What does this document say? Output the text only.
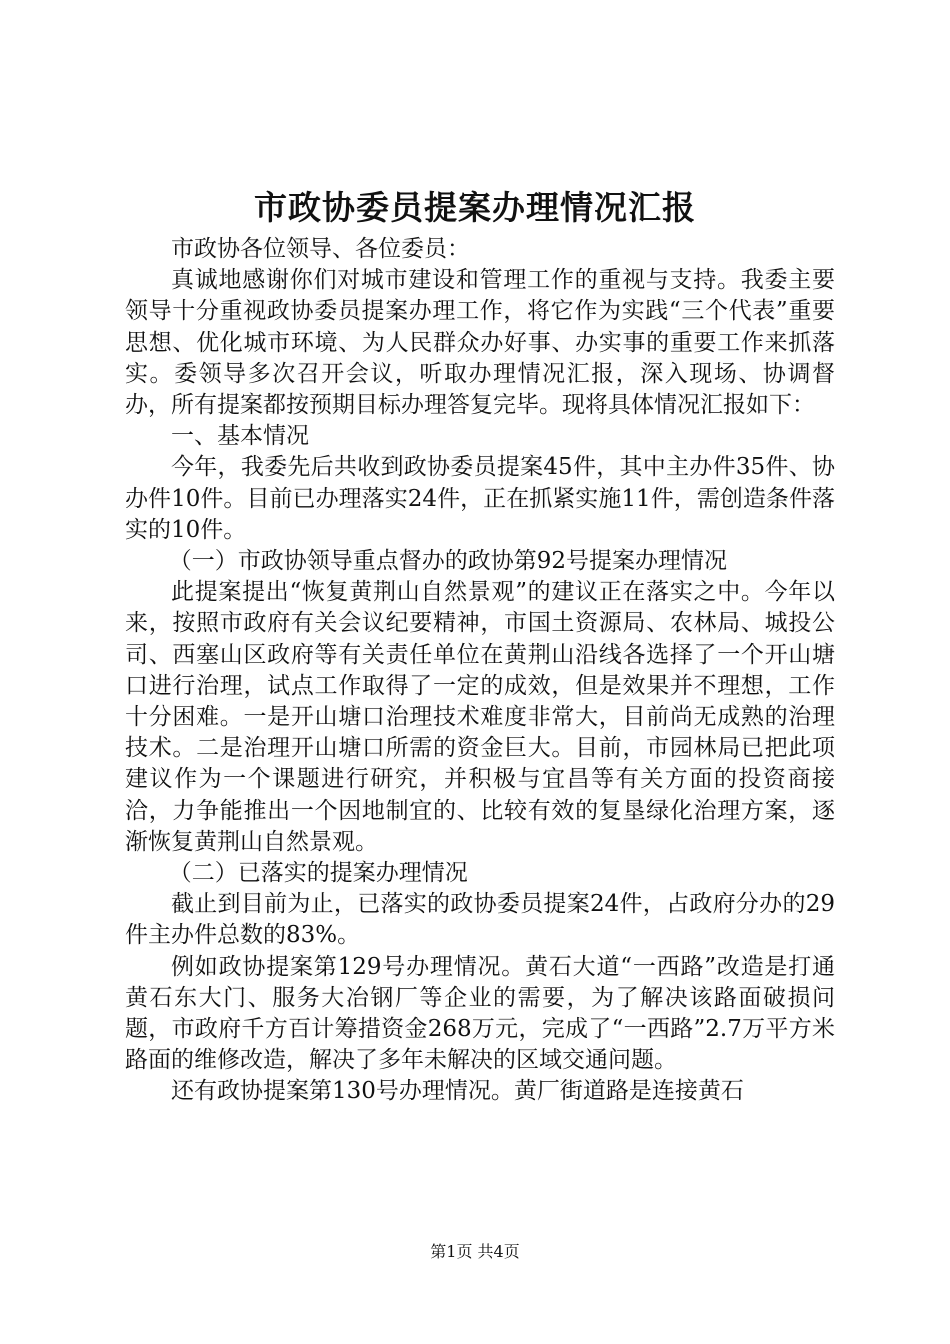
市政协委员提案办理情况汇报

市政协各位领导、各位委员：

真诚地感谢你们对城市建设和管理工作的重视与支持。我委主要领导十分重视政协委员提案办理工作，将它作为实践“三个代表”重要思想、优化城市环境、为人民群众办好事、办实事的重要工作来抓落实。委领导多次召开会议，听取办理情况汇报，深入现场、协调督办，所有提案都按预期目标办理答复完毕。现将具体情况汇报如下：

一、基本情况

今年，我委先后共收到政协委员提案45件，其中主办件35件、协办件10件。目前已办理落实24件，正在抓紧实施11件，需创造条件落实的10件。

（一）市政协领导重点督办的政协第92号提案办理情况

此提案提出“恢复黄荆山自然景观”的建议正在落实之中。今年以来，按照市政府有关会议纪要精神，市国土资源局、农林局、城投公司、西塞山区政府等有关责任单位在黄荆山沿线各选择了一个开山塘口进行治理，试点工作取得了一定的成效，但是效果并不理想，工作十分困难。一是开山塘口治理技术难度非常大，目前尚无成熟的治理技术。二是治理开山塘口所需的资金巨大。目前，市园林局已把此项建议作为一个课题进行研究，并积极与宜昌等有关方面的投资商接洽，力争能推出一个因地制宜的、比较有效的复垦绿化治理方案，逐渐恢复黄荆山自然景观。

（二）已落实的提案办理情况

截止到目前为止，已落实的政协委员提案24件，占政府分办的29件主办件总数的83%。

例如政协提案第129号办理情况。黄石大道“一西路”改造是打通黄石东大门、服务大冶钢厂等企业的需要，为了解决该路面破损问题，市政府千方百计筹措资金268万元，完成了“一西路”2.7万平方米路面的维修改造，解决了多年未解决的区域交通问题。

还有政协提案第130号办理情况。黄厂街道路是连接黄石

第1页 共4页
